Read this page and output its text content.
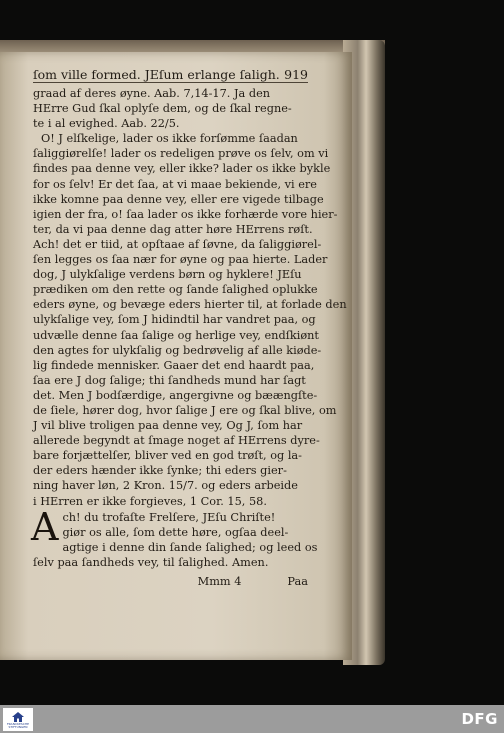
ſom ville formed. JEſum erlange ſaligh. 919
graad af deres øyne. Aab. 7,14-17. Ja den
HErre Gud ſkal oplyſe dem, og de ſkal regne-
te i al evighed. Aab. 22/5.
O! J elſkelige, lader os ikke forſømme ſaadan
ſaliggiørelſe! lader os redeligen prøve os ſelv, om vi
findes paa denne vey, eller ikke? lader os ikke bykle
for os ſelv! Er det ſaa, at vi maae bekiende, vi ere
ikke komne paa denne vey, eller ere vigede tilbage
igien der fra, o! ſaa lader os ikke forhærde vore hier-
ter, da vi paa denne dag atter høre HErrens røſt.
Ach! det er tiid, at opſtaae af ſøvne, da ſaliggiørel-
ſen legges os ſaa nær for øyne og paa hierte. Lader
dog, J ulykſalige verdens børn og hyklere! JEſu
prædiken om den rette og ſande ſalighed oplukke
eders øyne, og bevæge eders hierter til, at forlade den
ulykſalige vey, ſom J hidindtil har vandret paa, og
udvælle denne ſaa ſalige og herlige vey, endſkiønt
den agtes for ulykſalig og bedrøvelig af alle kiøde-
lig findede mennisker. Gaaer det end haardt paa,
ſaa ere J dog ſalige; thi ſandheds mund har ſagt
det. Men J bodſærdige, angergivne og bæængſte-
de ſiele, hører dog, hvor ſalige J ere og ſkal blive, om
J vil blive troligen paa denne vey, Og J, ſom har
allerede begyndt at ſmage noget af HErrens dyre-
bare forjættelſer, bliver ved en god trøſt, og la-
der eders hænder ikke ſynke; thi eders gier-
ning haver løn, 2 Kron. 15/7. og eders arbeide
i HErren er ikke forgieves, 1 Cor. 15, 58.
A ch! du trofaſte Frelſere, JEſu Chriſte!
giør os alle, ſom dette høre, ogſaa deel-
agtige i denne din ſande ſalighed; og leed os
ſelv paa ſandheds vey, til ſalighed. Amen.
Mmm 4	Paa
FRANCKESCHE STIFTUNGEN	DFG
